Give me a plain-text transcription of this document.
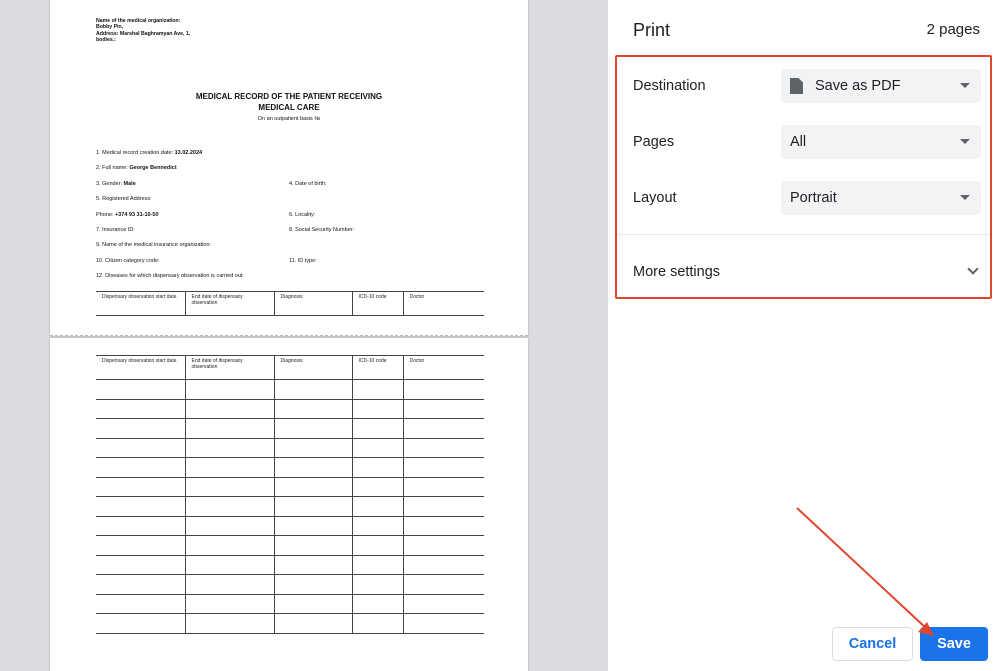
Name of the medical organization:
Bobby Pin,
Address: Marshal Baghramyan Ave, 1,
bodies.:
MEDICAL RECORD OF THE PATIENT RECEIVING
MEDICAL CARE
On an outpatient basis №
1. Medical record creation date: 13.02.2024
2. Full name: George Bennedict
3. Gender: Male	4. Date of birth:
5. Registered Address:
Phone: +374 93 31-10-50	6. Locality:
7. Insurance ID:	8. Social Security Number:
9. Name of the medical insurance organization:
10. Citizen category code:	11. ID type:
12. Diseases for which dispensary observation is carried out:
Dispensary observation start date	End date of dispensary observation	Diagnosis	ICD-10 code	Doctor
Dispensary observation start date	End date of dispensary observation	Diagnosis	ICD-10 code	Doctor

Print	2 pages
Destination	Save as PDF
Pages	All
Layout	Portrait
More settings
Cancel	Save
